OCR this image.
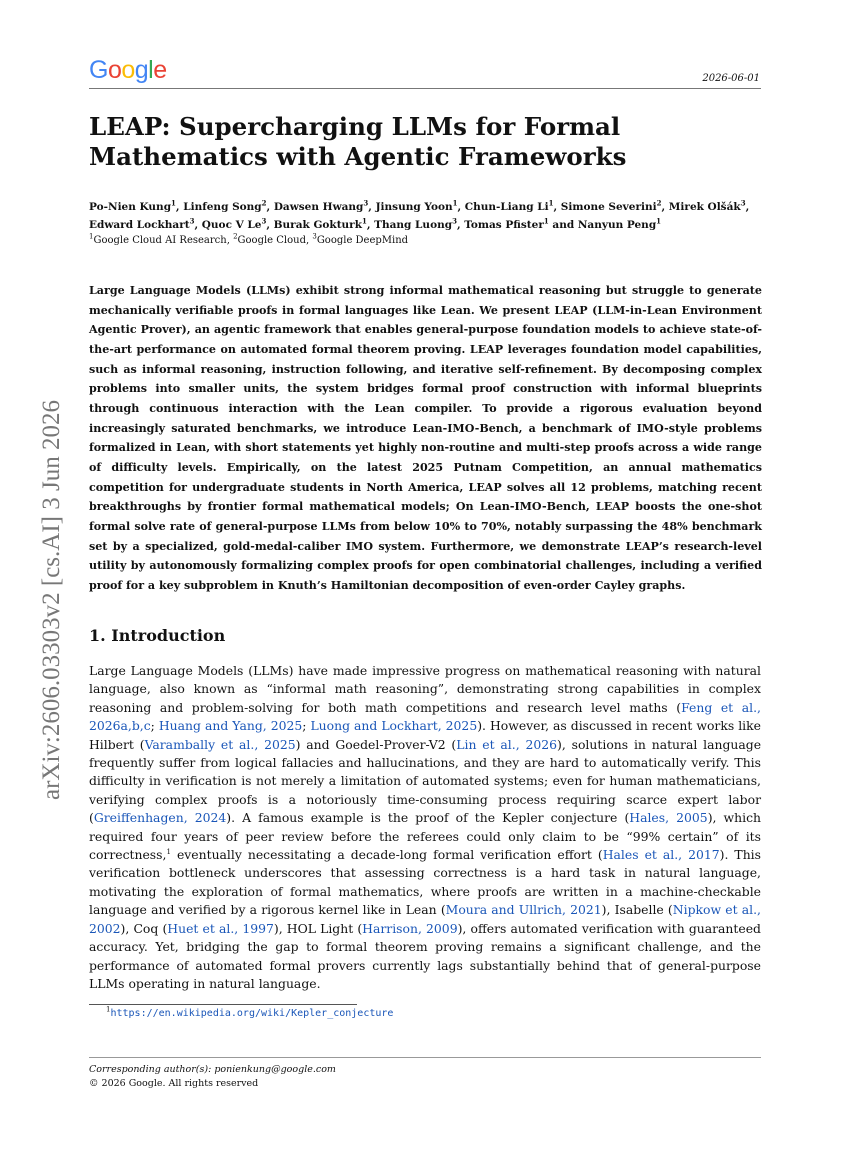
Google	2026-06-01
arXiv:2606.03303v2 [cs.AI] 3 Jun 2026
LEAP: Supercharging LLMs for Formal
Mathematics with Agentic Frameworks

Po-Nien Kung$^1$, Linfeng Song$^2$, Dawsen Hwang$^3$, Jinsung Yoon$^1$, Chun-Liang Li$^1$, Simone Severini$^2$, Mirek Olšák$^3$, Edward Lockhart$^3$, Quoc V Le$^3$, Burak Gokturk$^1$, Thang Luong$^3$, Tomas Pfister$^1$ and Nanyun Peng$^1$

$^1$Google Cloud AI Research, $^2$Google Cloud, $^3$Google DeepMind

Large Language Models (LLMs) exhibit strong informal mathematical reasoning but struggle to generate mechanically verifiable proofs in formal languages like Lean. We present LEAP (LLM-in-Lean Environment Agentic Prover), an agentic framework that enables general-purpose foundation models to achieve state-of-the-art performance on automated formal theorem proving. LEAP leverages foundation model capabilities, such as informal reasoning, instruction following, and iterative self-refinement. By decomposing complex problems into smaller units, the system bridges formal proof construction with informal blueprints through continuous interaction with the Lean compiler. To provide a rigorous evaluation beyond increasingly saturated benchmarks, we introduce Lean-IMO-Bench, a benchmark of IMO-style problems formalized in Lean, with short statements yet highly non-routine and multi-step proofs across a wide range of difficulty levels. Empirically, on the latest 2025 Putnam Competition, an annual mathematics competition for undergraduate students in North America, LEAP solves all 12 problems, matching recent breakthroughs by frontier formal mathematical models; On Lean-IMO-Bench, LEAP boosts the one-shot formal solve rate of general-purpose LLMs from below 10% to 70%, notably surpassing the 48% benchmark set by a specialized, gold-medal-caliber IMO system. Furthermore, we demonstrate LEAP’s research-level utility by autonomously formalizing complex proofs for open combinatorial challenges, including a verified proof for a key subproblem in Knuth’s Hamiltonian decomposition of even-order Cayley graphs.

1. Introduction

Large Language Models (LLMs) have made impressive progress on mathematical reasoning with natural language, also known as “informal math reasoning”, demonstrating strong capabilities in complex reasoning and problem-solving for both math competitions and research level maths (Feng et al., 2026a,b,c; Huang and Yang, 2025; Luong and Lockhart, 2025). However, as discussed in recent works like Hilbert (Varambally et al., 2025) and Goedel-Prover-V2 (Lin et al., 2026), solutions in natural language frequently suffer from logical fallacies and hallucinations, and they are hard to automatically verify. This difficulty in verification is not merely a limitation of automated systems; even for human mathematicians, verifying complex proofs is a notoriously time-consuming process requiring scarce expert labor (Greiffenhagen, 2024). A famous example is the proof of the Kepler conjecture (Hales, 2005), which required four years of peer review before the referees could only claim to be “99% certain” of its correctness,$^1$ eventually necessitating a decade-long formal verification effort (Hales et al., 2017). This verification bottleneck underscores that assessing correctness is a hard task in natural language, motivating the exploration of formal mathematics, where proofs are written in a machine-checkable language and verified by a rigorous kernel like in Lean (Moura and Ullrich, 2021), Isabelle (Nipkow et al., 2002), Coq (Huet et al., 1997), HOL Light (Harrison, 2009), offers automated verification with guaranteed accuracy. Yet, bridging the gap to formal theorem proving remains a significant challenge, and the performance of automated formal provers currently lags substantially behind that of general-purpose LLMs operating in natural language.

$^1$https://en.wikipedia.org/wiki/Kepler_conjecture
Corresponding author(s): ponienkung@google.com
© 2026 Google. All rights reserved
